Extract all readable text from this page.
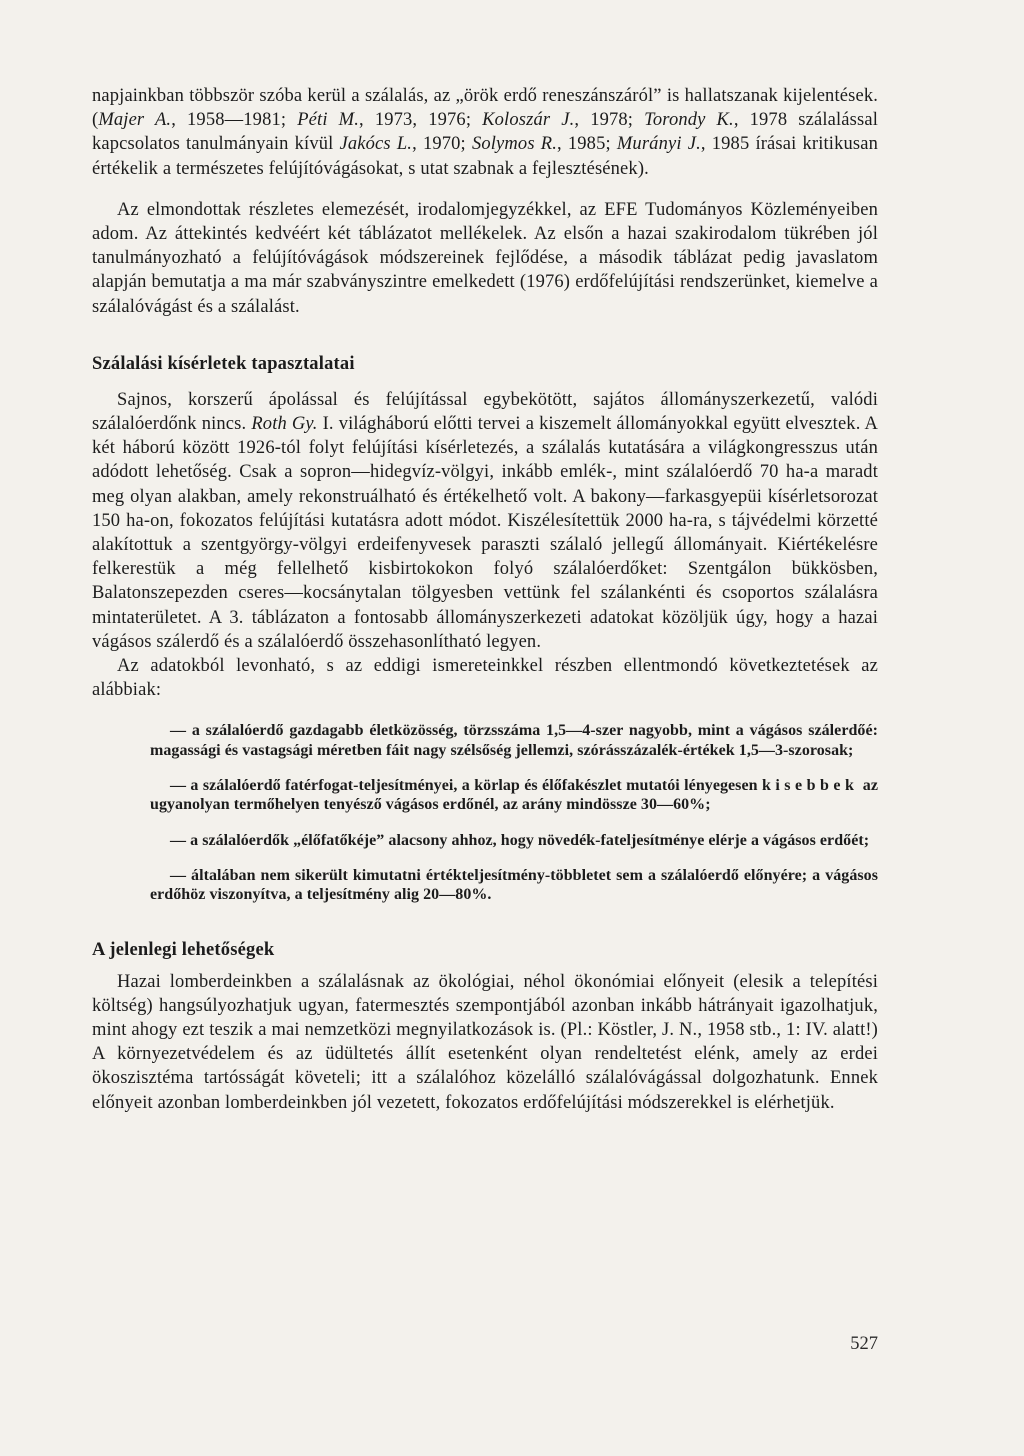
napjainkban többször szóba kerül a szálalás, az „örök erdő reneszánszáról” is hallatszanak kijelentések. (Majer A., 1958—1981; Péti M., 1973, 1976; Koloszár J., 1978; Torondy K., 1978 szálalással kapcsolatos tanulmányain kívül Jakócs L., 1970; Solymos R., 1985; Murányi J., 1985 írásai kritikusan értékelik a természetes felújítóvágásokat, s utat szabnak a fejlesztésének).

Az elmondottak részletes elemezését, irodalomjegyzékkel, az EFE Tudományos Közleményeiben adom. Az áttekintés kedvéért két táblázatot mellékelek. Az elsőn a hazai szakirodalom tükrében jól tanulmányozható a felújítóvágások módszereinek fejlődése, a második táblázat pedig javaslatom alapján bemutatja a ma már szabványszintre emelkedett (1976) erdőfelújítási rendszerünket, kiemelve a szálalóvágást és a szálalást.

Szálalási kísérletek tapasztalatai

Sajnos, korszerű ápolással és felújítással egybekötött, sajátos állományszerkezetű, valódi szálalóerdőnk nincs. Roth Gy. I. világháború előtti tervei a kiszemelt állományokkal együtt elvesztek. A két háború között 1926-tól folyt felújítási kísérletezés, a szálalás kutatására a világkongresszus után adódott lehetőség. Csak a sopron—hidegvíz-völgyi, inkább emlék-, mint szálalóerdő 70 ha-a maradt meg olyan alakban, amely rekonstruálható és értékelhető volt. A bakony—farkasgyepüi kísérletsorozat 150 ha-on, fokozatos felújítási kutatásra adott módot. Kiszélesítettük 2000 ha-ra, s tájvédelmi körzetté alakítottuk a szentgyörgy-völgyi erdeifenyvesek paraszti szálaló jellegű állományait. Kiértékelésre felkerestük a még fellelhető kisbirtokokon folyó szálalóerdőket: Szentgálon bükkösben, Balatonszepezden cseres—kocsánytalan tölgyesben vettünk fel szálankénti és csoportos szálalásra mintaterületet. A 3. táblázaton a fontosabb állományszerkezeti adatokat közöljük úgy, hogy a hazai vágásos szálerdő és a szálalóerdő összehasonlítható legyen.

Az adatokból levonható, s az eddigi ismereteinkkel részben ellentmondó következtetések az alábbiak:

— a szálalóerdő gazdagabb életközösség, törzsszáma 1,5—4-szer nagyobb, mint a vágásos szálerdőé: magassági és vastagsági méretben fáit nagy szélsőség jellemzi, szórásszázalék-értékek 1,5—3-szorosak;
— a szálalóerdő fatérfogat-teljesítményei, a körlap és élőfakészlet mutatói lényegesen kisebbek az ugyanolyan termőhelyen tenyésző vágásos erdőnél, az arány mindössze 30—60%;
— a szálalóerdők „élőfatőkéje” alacsony ahhoz, hogy növedék-fateljesítménye elérje a vágásos erdőét;
— általában nem sikerült kimutatni értékteljesítmény-többletet sem a szálalóerdő előnyére; a vágásos erdőhöz viszonyítva, a teljesítmény alig 20—80%.
A jelenlegi lehetőségek

Hazai lomberdeinkben a szálalásnak az ökológiai, néhol ökonómiai előnyeit (elesik a telepítési költség) hangsúlyozhatjuk ugyan, fatermesztés szempontjából azonban inkább hátrányait igazolhatjuk, mint ahogy ezt teszik a mai nemzetközi megnyilatkozások is. (Pl.: Köstler, J. N., 1958 stb., 1: IV. alatt!) A környezetvédelem és az üdültetés állít esetenként olyan rendeltetést elénk, amely az erdei ökoszisztéma tartósságát követeli; itt a szálalóhoz közelálló szálalóvágással dolgozhatunk. Ennek előnyeit azonban lomberdeinkben jól vezetett, fokozatos erdőfelújítási módszerekkel is elérhetjük.

527
